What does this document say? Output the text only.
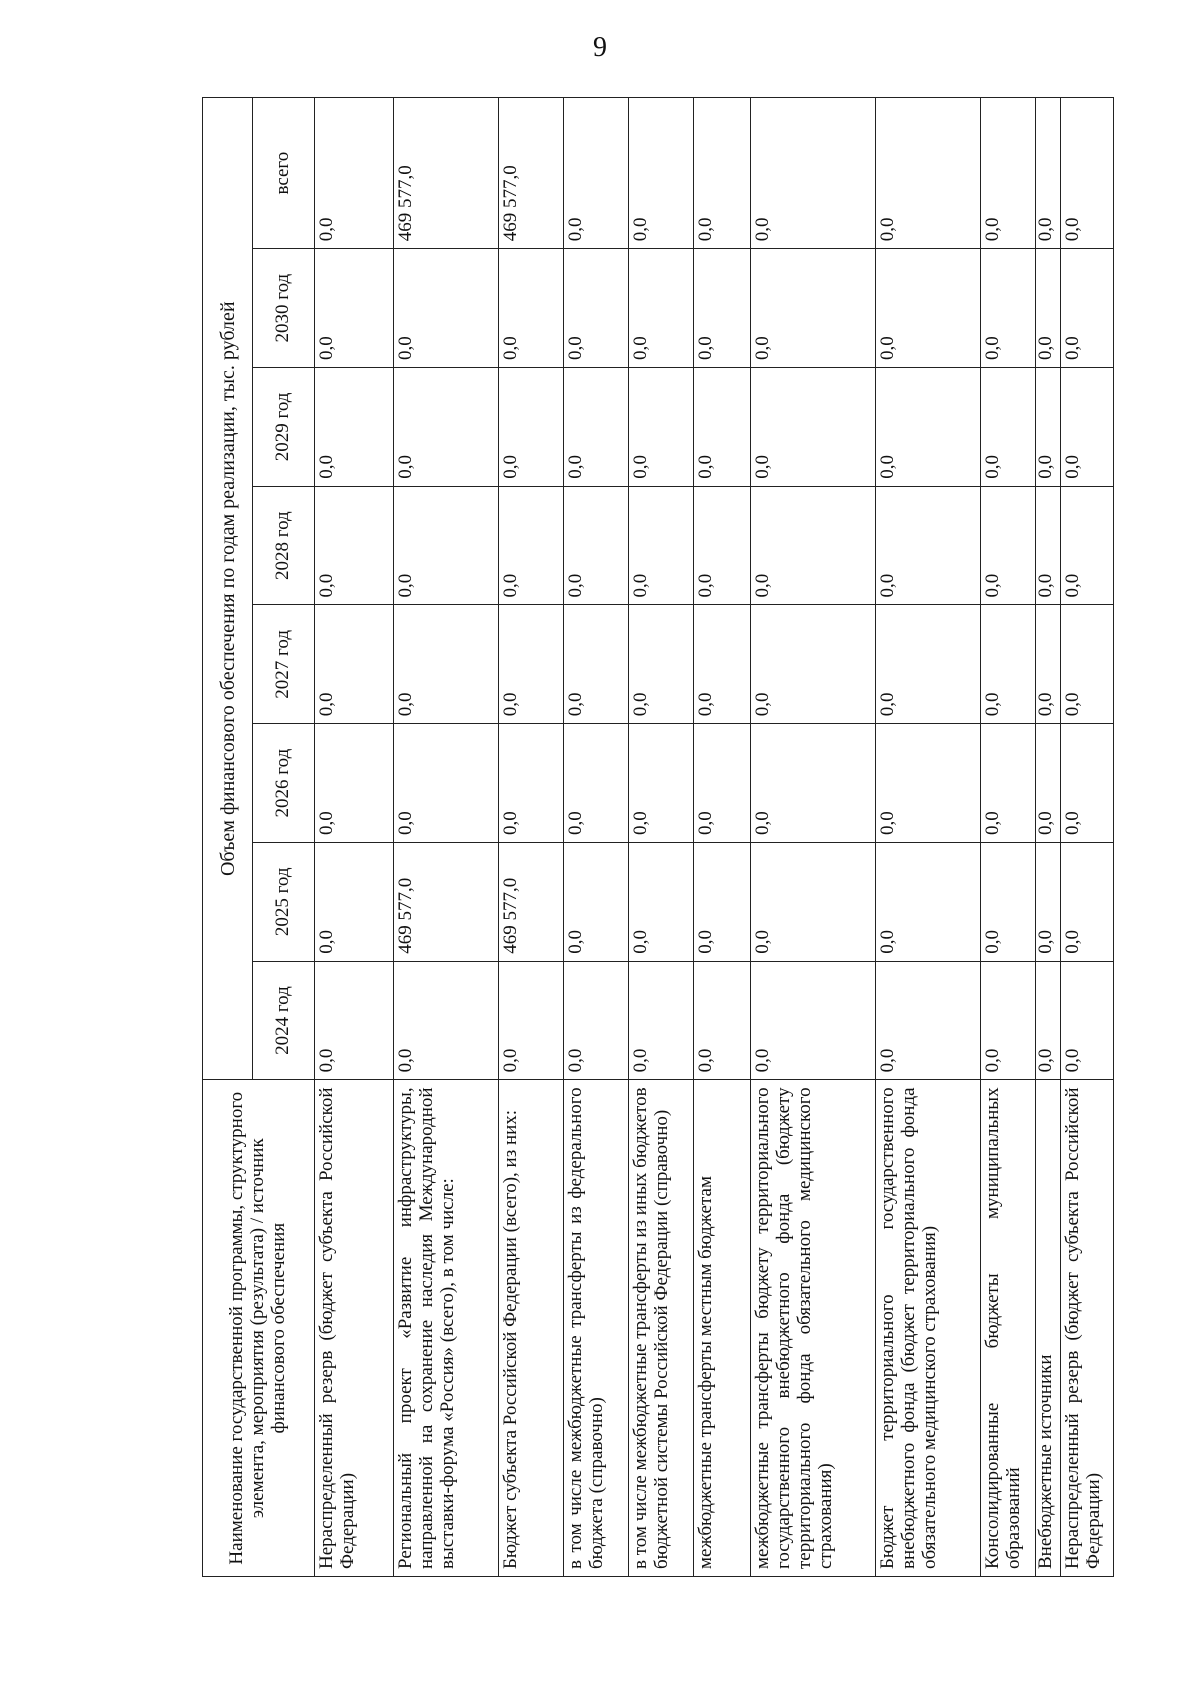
9
Наименование государственной программы, структурного элемента, мероприятия (результата) / источник финансового обеспечения	Объем финансового обеспечения по годам реализации, тыс. рублей							
	2024 год	2025 год	2026 год	2027 год	2028 год	2029 год	2030 год	всего
Нераспределенный резерв (бюджет субъекта Российской Федерации)	0,0	0,0	0,0	0,0	0,0	0,0	0,0	0,0
Региональный проект «Развитие инфраструктуры, направленной на сохранение наследия Международной выставки-форума «Россия» (всего), в том числе:	0,0	469 577,0	0,0	0,0	0,0	0,0	0,0	469 577,0
Бюджет субъекта Российской Федерации (всего), из них:	0,0	469 577,0	0,0	0,0	0,0	0,0	0,0	469 577,0
в том числе межбюджетные трансферты из федерального бюджета (справочно)	0,0	0,0	0,0	0,0	0,0	0,0	0,0	0,0
в том числе межбюджетные трансферты из иных бюджетов бюджетной системы Российской Федерации (справочно)	0,0	0,0	0,0	0,0	0,0	0,0	0,0	0,0
межбюджетные трансферты местным бюджетам	0,0	0,0	0,0	0,0	0,0	0,0	0,0	0,0
межбюджетные трансферты бюджету территориального государственного внебюджетного фонда (бюджету территориального фонда обязательного медицинского страхования)	0,0	0,0	0,0	0,0	0,0	0,0	0,0	0,0
Бюджет территориального государственного внебюджетного фонда (бюджет территориального фонда обязательного медицинского страхования)	0,0	0,0	0,0	0,0	0,0	0,0	0,0	0,0
Консолидированные бюджеты муниципальных образований	0,0	0,0	0,0	0,0	0,0	0,0	0,0	0,0
Внебюджетные источники	0,0	0,0	0,0	0,0	0,0	0,0	0,0	0,0
Нераспределенный резерв (бюджет субъекта Российской Федерации)	0,0	0,0	0,0	0,0	0,0	0,0	0,0	0,0
